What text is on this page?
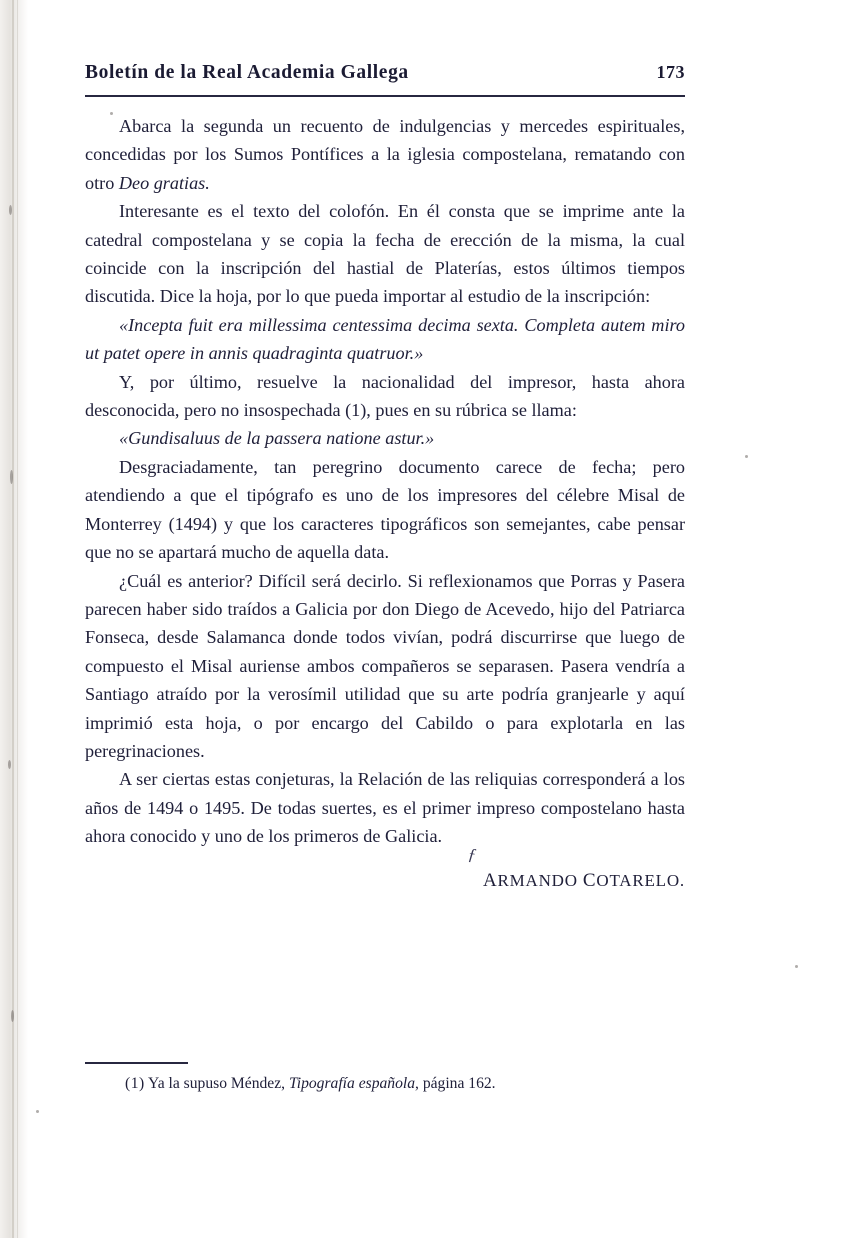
Boletín de la Real Academia Gallega	173

Abarca la segunda un recuento de indulgencias y mercedes espirituales, concedidas por los Sumos Pontífices a la iglesia compostelana, rematando con otro Deo gratias.

Interesante es el texto del colofón. En él consta que se imprime ante la catedral compostelana y se copia la fecha de erección de la misma, la cual coincide con la inscripción del hastial de Platerías, estos últimos tiempos discutida. Dice la hoja, por lo que pueda importar al estudio de la inscripción:

«Incepta fuit era millessima centessima decima sexta. Completa autem miro ut patet opere in annis quadraginta quatruor.»

Y, por último, resuelve la nacionalidad del impresor, hasta ahora desconocida, pero no insospechada (1), pues en su rúbrica se llama:

«Gundisaluus de la passera natione astur.»

Desgraciadamente, tan peregrino documento carece de fecha; pero atendiendo a que el tipógrafo es uno de los impresores del célebre Misal de Monterrey (1494) y que los caracteres tipográficos son semejantes, cabe pensar que no se apartará mucho de aquella data.

¿Cuál es anterior? Difícil será decirlo. Si reflexionamos que Porras y Pasera parecen haber sido traídos a Galicia por don Diego de Acevedo, hijo del Patriarca Fonseca, desde Salamanca donde todos vivían, podrá discurrirse que luego de compuesto el Misal auriense ambos compañeros se separasen. Pasera vendría a Santiago atraído por la verosímil utilidad que su arte podría granjearle y aquí imprimió esta hoja, o por encargo del Cabildo o para explotarla en las peregrinaciones.

A ser ciertas estas conjeturas, la Relación de las reliquias corresponderá a los años de 1494 o 1495. De todas suertes, es el primer impreso compostelano hasta ahora conocido y uno de los primeros de Galicia.

ƒ
ARMANDO COTARELO.
(1) Ya la supuso Méndez, Tipografía española, página 162.
